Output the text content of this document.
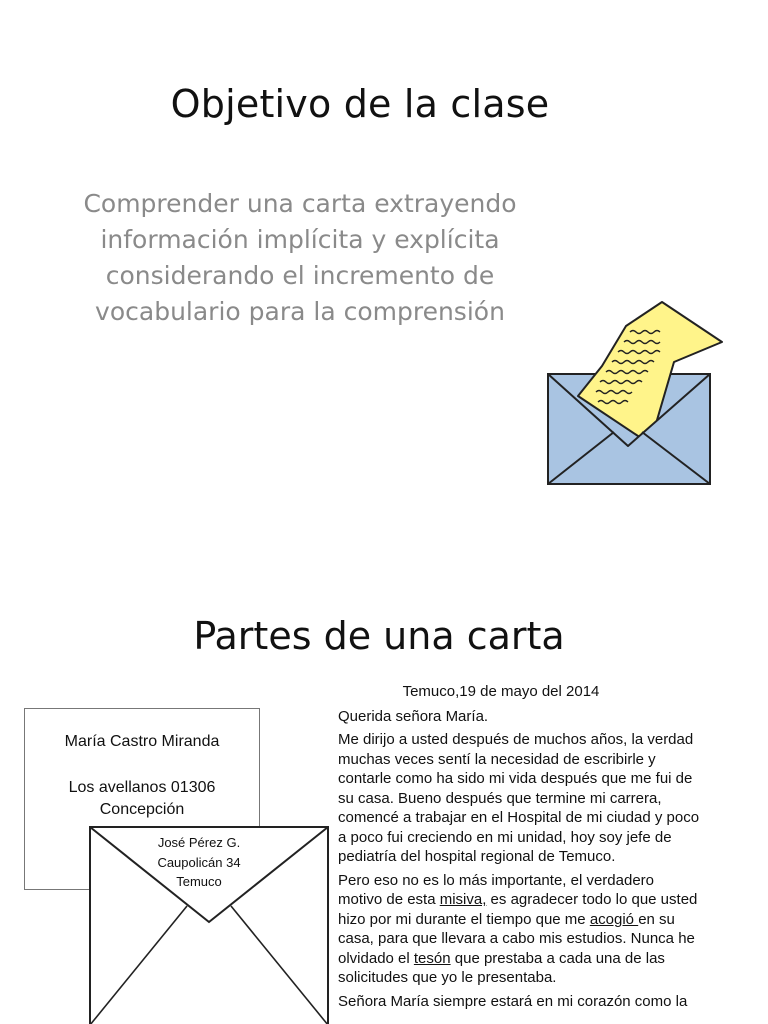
Objetivo de la clase
Comprender una carta extrayendo
información implícita y explícita
considerando el incremento de
vocabulario para la comprensión
Partes de una carta
María Castro Miranda
Los avellanos 01306
Concepción
José Pérez G.
Caupolicán 34
Temuco
Temuco,19 de mayo del 2014

Querida señora María.

Me dirijo a usted después de muchos años, la verdad
muchas veces sentí la necesidad de escribirle y
contarle como ha sido mi vida después que me fui de
su casa. Bueno después que termine mi carrera,
comencé a trabajar en el Hospital de mi ciudad y poco
a poco fui creciendo en mi unidad, hoy soy jefe de
pediatría del hospital regional de Temuco.

Pero eso no es lo más importante, el verdadero
motivo de esta misiva, es agradecer todo lo que usted
hizo por mi durante el tiempo que me acogió en su
casa, para que llevara a cabo mis estudios. Nunca he
olvidado el tesón que prestaba a cada una de las
solicitudes que yo le presentaba.

Señora María siempre estará en mi corazón como la
